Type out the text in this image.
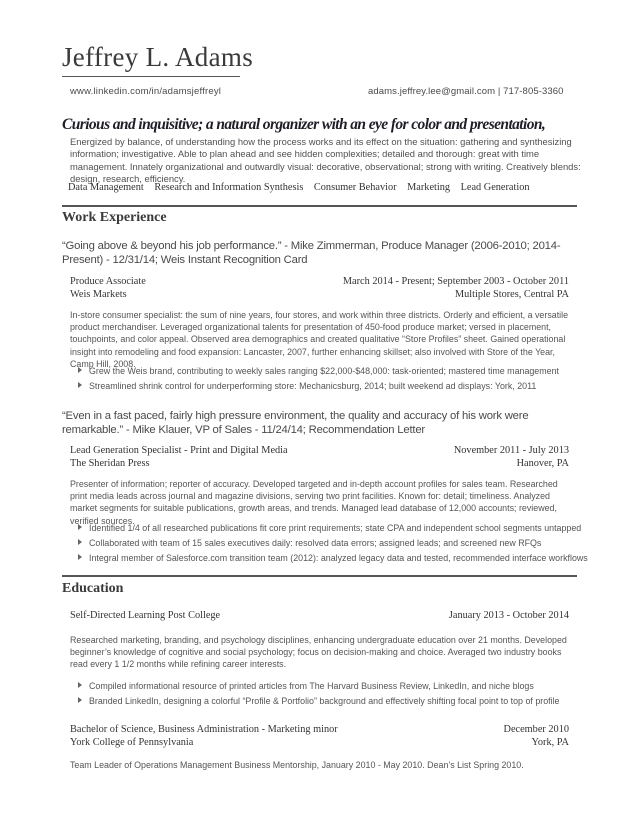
Jeffrey L. Adams
www.linkedin.com/in/adamsjeffreyl	adams.jeffrey.lee@gmail.com | 717-805-3360
Curious and inquisitive; a natural organizer with an eye for color and presentation,
Energized by balance, of understanding how the process works and its effect on the situation: gathering and synthesizing information; investigative. Able to plan ahead and see hidden complexities; detailed and thorough: great with time management. Innately organizational and outwardly visual: decorative, observational; strong with writing. Creatively blends: design, research, efficiency.
Data Management Research and Information Synthesis Consumer Behavior Marketing Lead Generation
Work Experience
“Going above & beyond his job performance.” - Mike Zimmerman, Produce Manager (2006-2010; 2014-Present) - 12/31/14; Weis Instant Recognition Card
Produce Associate	March 2014 - Present; September 2003 - October 2011
Weis Markets	Multiple Stores, Central PA
In-store consumer specialist: the sum of nine years, four stores, and work within three districts. Orderly and efficient, a versatile product merchandiser. Leveraged organizational talents for presentation of 450-food produce market; versed in placement, touchpoints, and color appeal. Observed area demographics and created qualitative “Store Profiles” sheet. Gained operational insight into remodeling and food expansion: Lancaster, 2007, further enhancing skillset; also involved with Store of the Year, Camp Hill, 2008.
Grew the Weis brand, contributing to weekly sales ranging $22,000-$48,000: task-oriented; mastered time management
Streamlined shrink control for underperforming store: Mechanicsburg, 2014; built weekend ad displays: York, 2011
“Even in a fast paced, fairly high pressure environment, the quality and accuracy of his work were remarkable.” - Mike Klauer, VP of Sales - 11/24/14; Recommendation Letter
Lead Generation Specialist - Print and Digital Media	November 2011 - July 2013
The Sheridan Press	Hanover, PA
Presenter of information; reporter of accuracy. Developed targeted and in-depth account profiles for sales team. Researched print media leads across journal and magazine divisions, serving two print facilities. Known for: detail; timeliness. Analyzed market segments for suitable publications, growth areas, and trends. Managed lead database of 12,000 accounts; reviewed, verified sources.
Identified 1/4 of all researched publications fit core print requirements; state CPA and independent school segments untapped
Collaborated with team of 15 sales executives daily: resolved data errors; assigned leads; and screened new RFQs
Integral member of Salesforce.com transition team (2012): analyzed legacy data and tested, recommended interface workflows
Education
Self-Directed Learning Post College	January 2013 - October 2014
Researched marketing, branding, and psychology disciplines, enhancing undergraduate education over 21 months. Developed beginner’s knowledge of cognitive and social psychology; focus on decision-making and choice. Averaged two industry books read every 1 1/2 months while refining career interests.
Compiled informational resource of printed articles from The Harvard Business Review, LinkedIn, and niche blogs
Branded LinkedIn, designing a colorful “Profile & Portfolio” background and effectively shifting focal point to top of profile
Bachelor of Science, Business Administration - Marketing minor	December 2010
York College of Pennsylvania	York, PA
Team Leader of Operations Management Business Mentorship, January 2010 - May 2010. Dean’s List Spring 2010.
